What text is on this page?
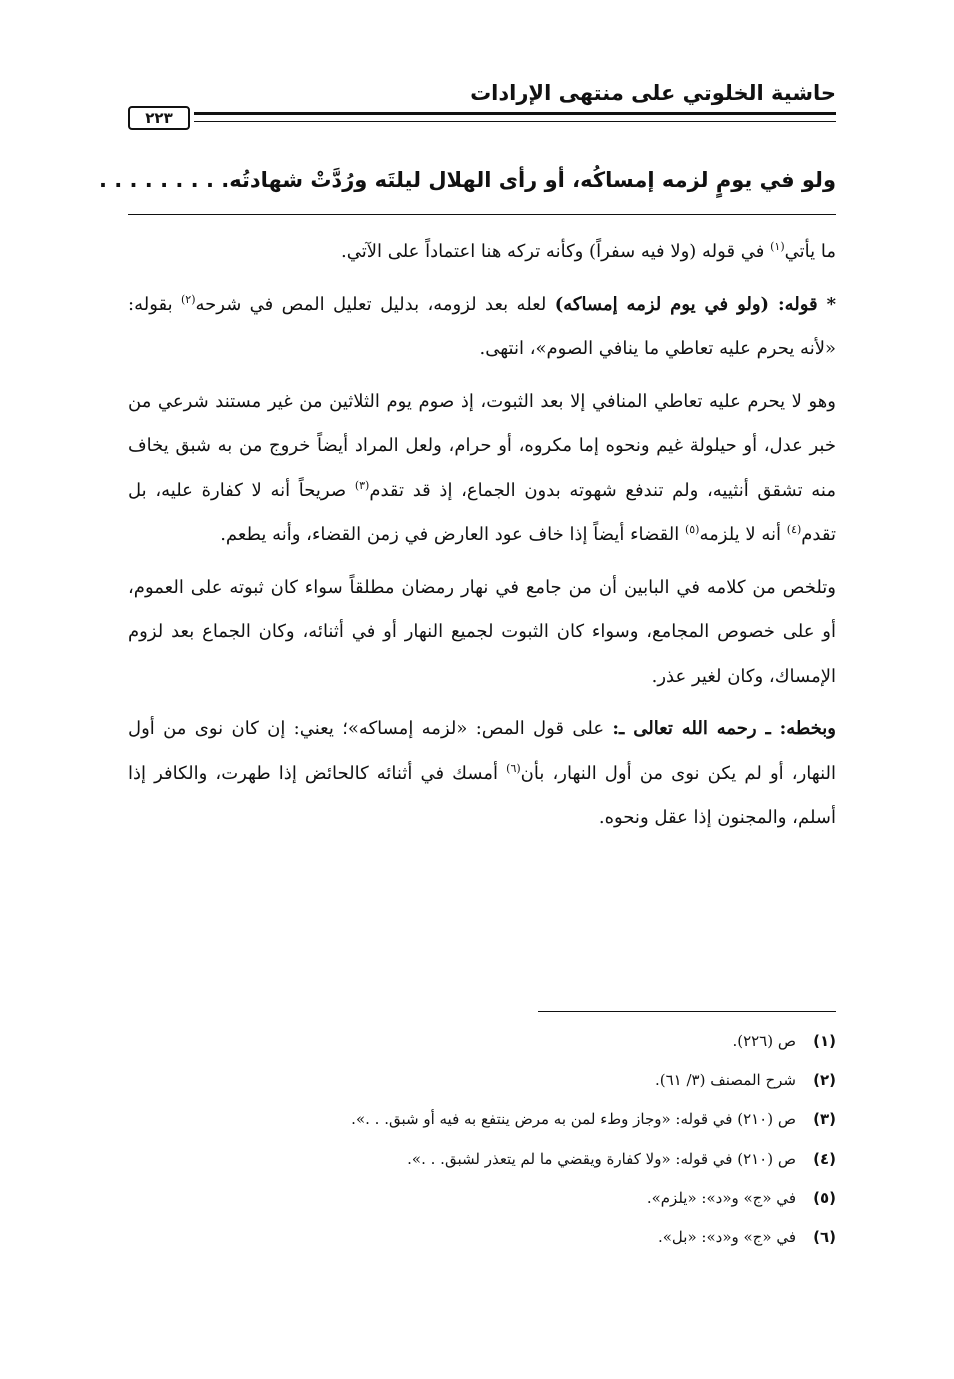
حاشية الخلوتي على منتهى الإرادات
٢٢٣
ولو في يومٍ لزمه إمساكُه، أو رأى الهلال ليلتَه ورُدَّتْ شهادتُه. . . . . . . . .

ما يأتي$^{(١)}$ في قوله (ولا فيه سفراً) وكأنه تركه هنا اعتماداً على الآتي.

* قوله: (ولو في يوم لزمه إمساكه) لعله بعد لزومه، بدليل تعليل المص في شرحه$^{(٢)}$ بقوله: «لأنه يحرم عليه تعاطي ما ينافي الصوم»، انتهى.

وهو لا يحرم عليه تعاطي المنافي إلا بعد الثبوت، إذ صوم يوم الثلاثين من غير مستند شرعي من خبر عدل، أو حيلولة غيم ونحوه إما مكروه، أو حرام، ولعل المراد أيضاً خروج من به شبق يخاف منه تشقق أنثييه، ولم تندفع شهوته بدون الجماع، إذ قد تقدم$^{(٣)}$ صريحاً أنه لا كفارة عليه، بل تقدم$^{(٤)}$ أنه لا يلزمه$^{(٥)}$ القضاء أيضاً إذا خاف عود العارض في زمن القضاء، وأنه يطعم.

وتلخص من كلامه في البابين أن من جامع في نهار رمضان مطلقاً سواء كان ثبوته على العموم، أو على خصوص المجامع، وسواء كان الثبوت لجميع النهار أو في أثنائه، وكان الجماع بعد لزوم الإمساك، وكان لغير عذر.

وبخطه: ـ رحمه الله تعالى ـ: على قول المص: «لزمه إمساكه»؛ يعني: إن كان نوى من أول النهار، أو لم يكن نوى من أول النهار، بأن$^{(٦)}$ أمسك في أثنائه كالحائض إذا طهرت، والكافر إذا أسلم، والمجنون إذا عقل ونحوه.

(١)ص (٢٢٦).
(٢)شرح المصنف (٣/ ٦١).
(٣)ص (٢١٠) في قوله: «وجاز وطء لمن به مرض ينتفع به فيه أو شبق. . .».
(٤)ص (٢١٠) في قوله: «ولا كفارة ويقضي ما لم يتعذر لشبق. . .».
(٥)في «ج» و«د»: «يلزم».
(٦)في «ج» و«د»: «بل».
